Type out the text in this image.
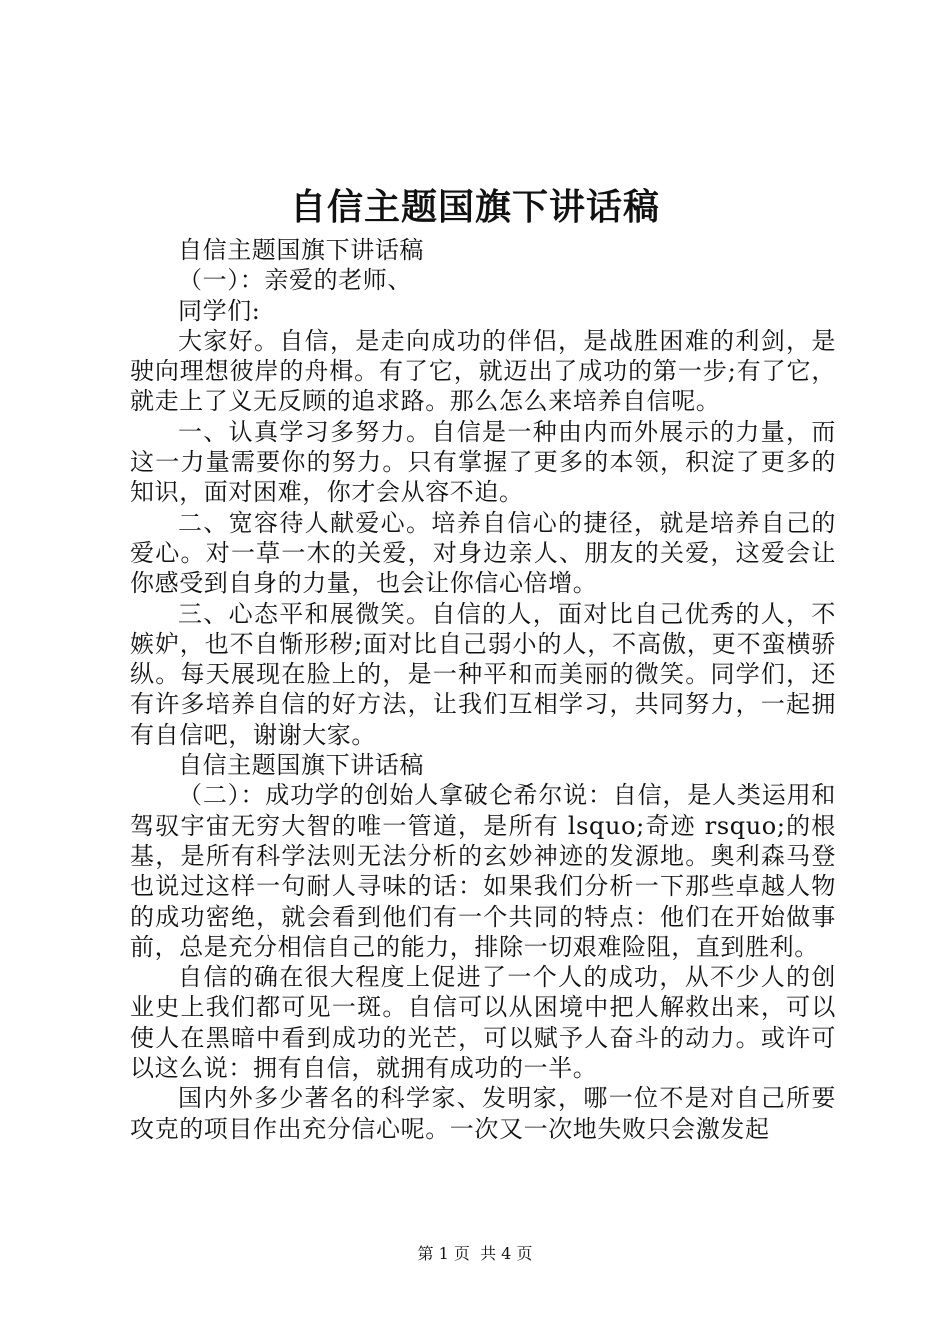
自信主题国旗下讲话稿

自信主题国旗下讲话稿

（一）：亲爱的老师、

同学们:

大家好。自信，是走向成功的伴侣，是战胜困难的利剑，是驶向理想彼岸的舟楫。有了它，就迈出了成功的第一步;有了它，就走上了义无反顾的追求路。那么怎么来培养自信呢。

一、认真学习多努力。自信是一种由内而外展示的力量，而这一力量需要你的努力。只有掌握了更多的本领，积淀了更多的知识，面对困难，你才会从容不迫。

二、宽容待人献爱心。培养自信心的捷径，就是培养自己的爱心。对一草一木的关爱，对身边亲人、朋友的关爱，这爱会让你感受到自身的力量，也会让你信心倍增。

三、心态平和展微笑。自信的人，面对比自己优秀的人，不嫉妒，也不自惭形秽;面对比自己弱小的人，不高傲，更不蛮横骄纵。每天展现在脸上的，是一种平和而美丽的微笑。同学们，还有许多培养自信的好方法，让我们互相学习，共同努力，一起拥有自信吧，谢谢大家。

自信主题国旗下讲话稿

（二）：成功学的创始人拿破仑希尔说：自信，是人类运用和驾驭宇宙无穷大智的唯一管道，是所有 lsquo;奇迹 rsquo;的根基，是所有科学法则无法分析的玄妙神迹的发源地。奥利森马登也说过这样一句耐人寻味的话：如果我们分析一下那些卓越人物的成功密绝，就会看到他们有一个共同的特点：他们在开始做事前，总是充分相信自己的能力，排除一切艰难险阻，直到胜利。

自信的确在很大程度上促进了一个人的成功，从不少人的创业史上我们都可见一斑。自信可以从困境中把人解救出来，可以使人在黑暗中看到成功的光芒，可以赋予人奋斗的动力。或许可以这么说：拥有自信，就拥有成功的一半。

国内外多少著名的科学家、发明家，哪一位不是对自己所要攻克的项目作出充分信心呢。一次又一次地失败只会激发起

第 1 页  共 4 页
